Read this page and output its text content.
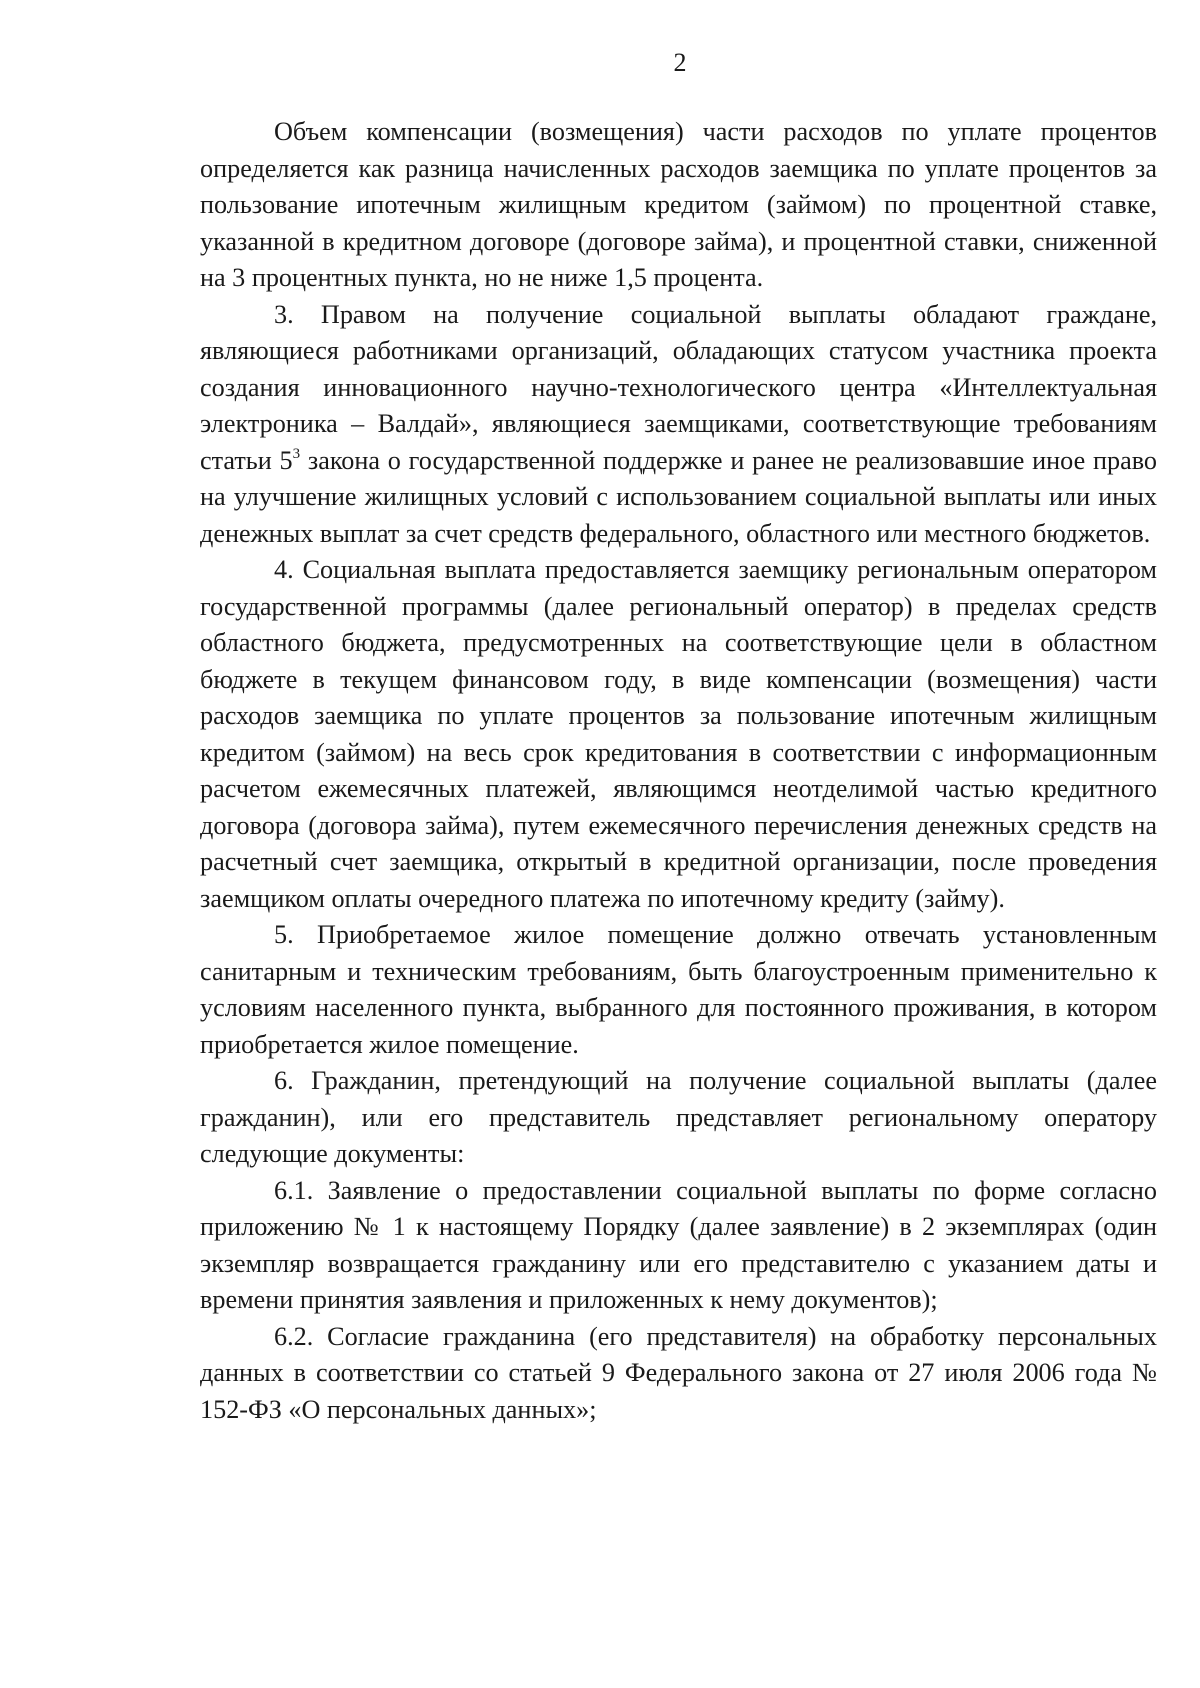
2

Объем компенсации (возмещения) части расходов по уплате процентов определяется как разница начисленных расходов заемщика по уплате процентов за пользование ипотечным жилищным кредитом (займом) по процентной ставке, указанной в кредитном договоре (договоре займа), и процентной ставки, сниженной на 3 процентных пункта, но не ниже 1,5 процента.

3. Правом на получение социальной выплаты обладают граждане, являющиеся работниками организаций, обладающих статусом участника проекта создания инновационного научно-технологического центра «Интеллектуальная электроника – Валдай», являющиеся заемщиками, соответствующие требованиям статьи $5^3$ закона о государственной поддержке и ранее не реализовавшие иное право на улучшение жилищных условий с использованием социальной выплаты или иных денежных выплат за счет средств федерального, областного или местного бюджетов.

4. Социальная выплата предоставляется заемщику региональным оператором государственной программы (далее региональный оператор) в пределах средств областного бюджета, предусмотренных на соответствующие цели в областном бюджете в текущем финансовом году, в виде компенсации (возмещения) части расходов заемщика по уплате процентов за пользование ипотечным жилищным кредитом (займом) на весь срок кредитования в соответствии с информационным расчетом ежемесячных платежей, являющимся неотделимой частью кредитного договора (договора займа), путем ежемесячного перечисления денежных средств на расчетный счет заемщика, открытый в кредитной организации, после проведения заемщиком оплаты очередного платежа по ипотечному кредиту (займу).

5. Приобретаемое жилое помещение должно отвечать установленным санитарным и техническим требованиям, быть благоустроенным применительно к условиям населенного пункта, выбранного для постоянного проживания, в котором приобретается жилое помещение.

6. Гражданин, претендующий на получение социальной выплаты (далее гражданин), или его представитель представляет региональному оператору следующие документы:

6.1. Заявление о предоставлении социальной выплаты по форме согласно приложению № 1 к настоящему Порядку (далее заявление) в 2 экземплярах (один экземпляр возвращается гражданину или его представителю с указанием даты и времени принятия заявления и приложенных к нему документов);

6.2. Согласие гражданина (его представителя) на обработку персональных данных в соответствии со статьей 9 Федерального закона от 27 июля 2006 года № 152-ФЗ «О персональных данных»;
